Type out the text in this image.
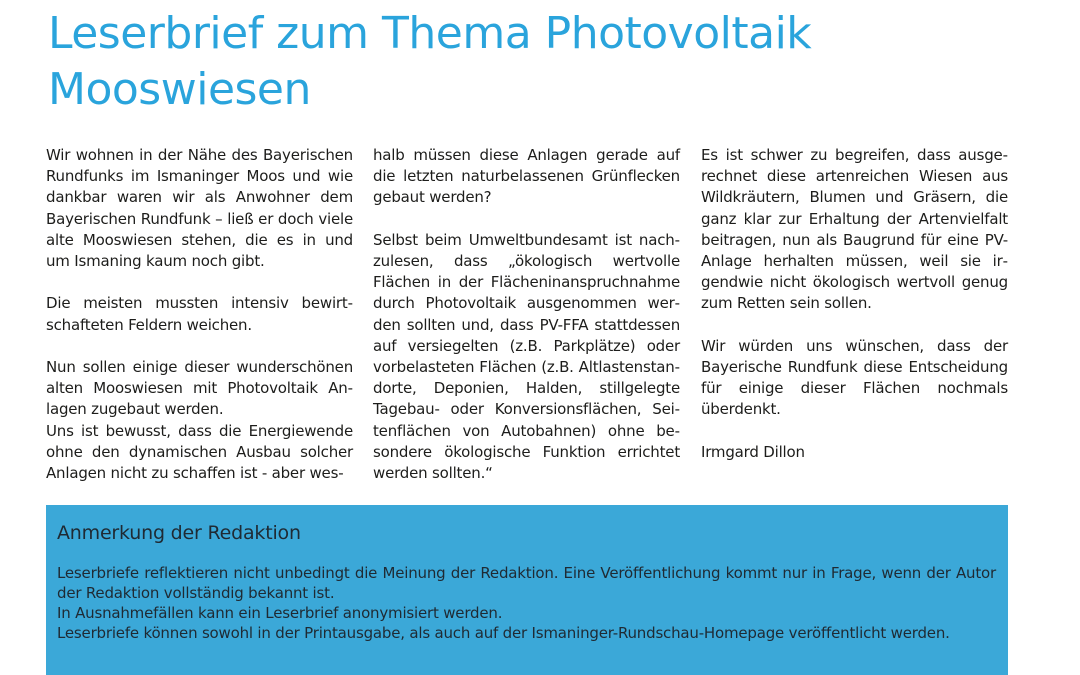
Leserbrief zum Thema Photovoltaik
Mooswiesen

Wir wohnen in der Nähe des Bayerischen Rundfunks im Ismaninger Moos und wie dankbar waren wir als Anwohner dem Bayerischen Rundfunk – ließ er doch viele alte Mooswiesen stehen, die es in und um Ismaning kaum noch gibt.

Die meisten mussten intensiv bewirtschafteten Feldern weichen.

Nun sollen einige dieser wunderschönen alten Mooswiesen mit Photovoltaik Anlagen zugebaut werden.

Uns ist bewusst, dass die Energiewende ohne den dynamischen Ausbau solcher Anlagen nicht zu schaffen ist - aber wes-

halb müssen diese Anlagen gerade auf die letzten naturbelassenen Grünflecken gebaut werden?

Selbst beim Umweltbundesamt ist nachzulesen, dass „ökologisch wertvolle Flächen in der Flächeninanspruchnahme durch Photovoltaik ausgenommen werden sollten und, dass PV-FFA stattdessen auf versiegelten (z.B. Parkplätze) oder vorbelasteten Flächen (z.B. Altlastenstandorte, Deponien, Halden, stillgelegte Tagebau- oder Konversionsflächen, Seitenflächen von Autobahnen) ohne besondere ökologische Funktion errichtet werden sollten.“

Es ist schwer zu begreifen, dass ausgerechnet diese artenreichen Wiesen aus Wildkräutern, Blumen und Gräsern, die ganz klar zur Erhaltung der Artenvielfalt beitragen, nun als Baugrund für eine PV-Anlage herhalten müssen, weil sie irgendwie nicht ökologisch wertvoll genug zum Retten sein sollen.

Wir würden uns wünschen, dass der Bayerische Rundfunk diese Entscheidung für einige dieser Flächen nochmals überdenkt.

Irmgard Dillon

Anmerkung der Redaktion

Leserbriefe reflektieren nicht unbedingt die Meinung der Redaktion. Eine Veröffentlichung kommt nur in Frage, wenn der Autor der Redaktion vollständig bekannt ist.

In Ausnahmefällen kann ein Leserbrief anonymisiert werden.

Leserbriefe können sowohl in der Printausgabe, als auch auf der Ismaninger-Rundschau-Homepage veröffentlicht werden.
